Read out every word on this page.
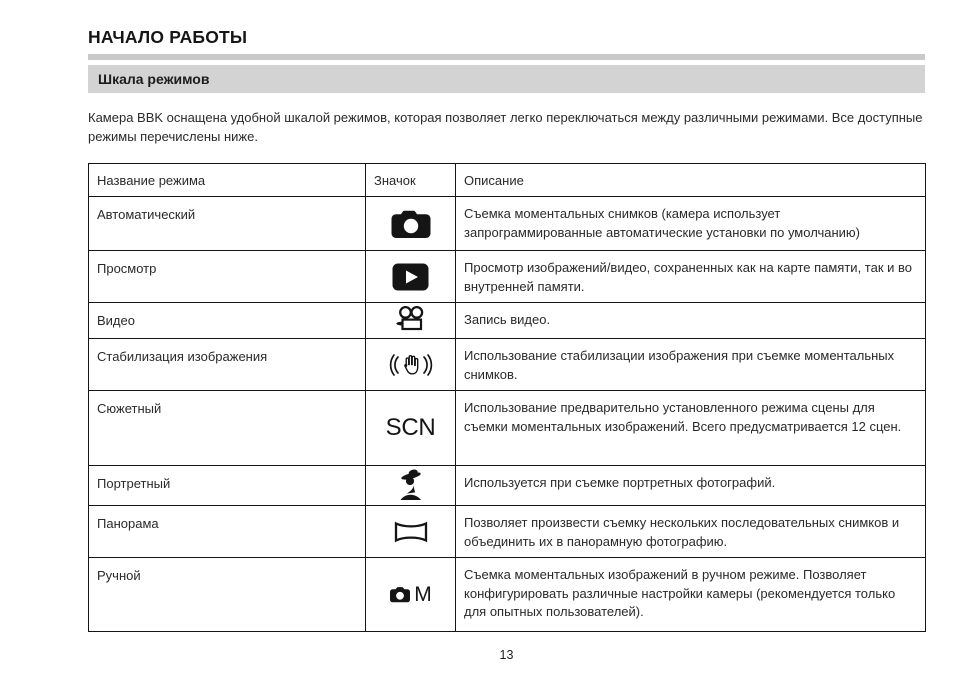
НАЧАЛО РАБОТЫ
Шкала режимов

Камера BBK оснащена удобной шкалой режимов, которая позволяет легко переключаться между различными режимами. Все доступные режимы перечислены ниже.

Название режима	Значок	Описание
Автоматический		Съемка моментальных снимков (камера использует запрограммированные автоматические установки по умолчанию)
Просмотр		Просмотр изображений/видео, сохраненных как на карте памяти, так и во внутренней памяти.
Видео		Запись видео.
Стабилизация изображения		Использование стабилизации изображения при съемке моментальных снимков.
Сюжетный	SCN	Использование предварительно установленного режима сцены для съемки моментальных изображений. Всего предусматривается 12 сцен.
Портретный		Используется при съемке портретных фотографий.
Панорама		Позволяет произвести съемку нескольких последовательных снимков и объединить их в панорамную фотографию.
Ручной	M	Съемка моментальных изображений в ручном режиме. Позволяет конфигурировать различные настройки камеры (рекомендуется только для опытных пользователей).
13
